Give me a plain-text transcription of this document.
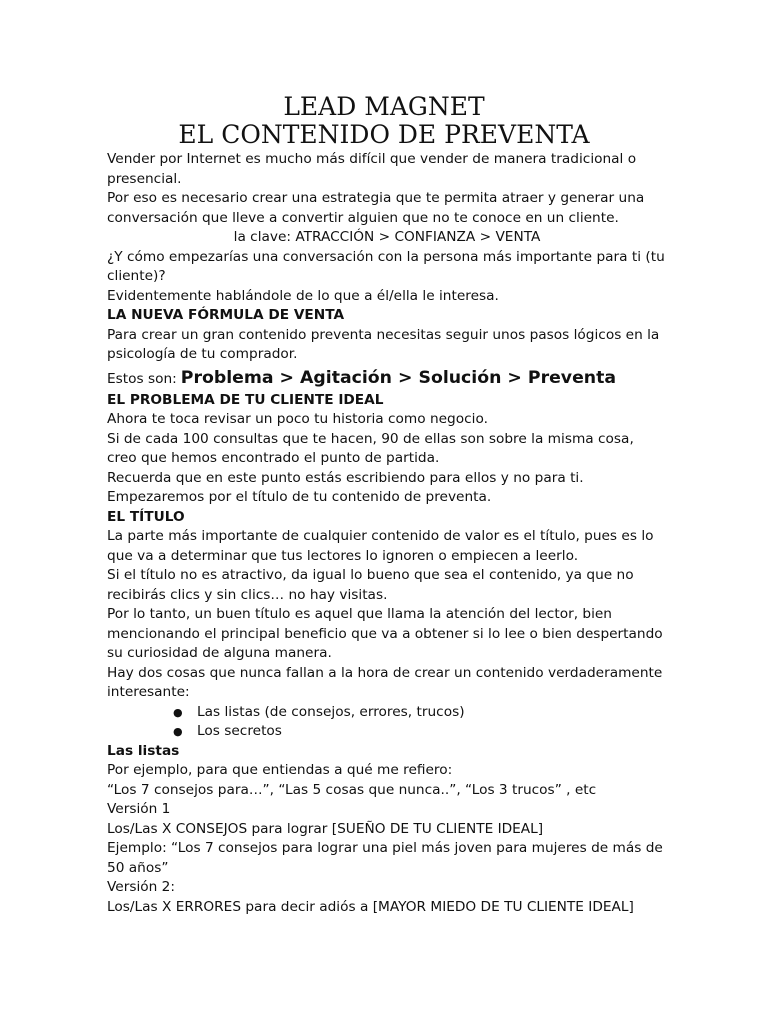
LEAD MAGNET
EL CONTENIDO DE PREVENTA

Vender por Internet es mucho más difícil que vender de manera tradicional o presencial.

Por eso es necesario crear una estrategia que te permita atraer y generar una conversación que lleve a convertir alguien que no te conoce en un cliente.

la clave: ATRACCIÓN > CONFIANZA > VENTA

¿Y cómo empezarías una conversación con la persona más importante para ti (tu cliente)?

Evidentemente hablándole de lo que a él/ella le interesa.

LA NUEVA FÓRMULA DE VENTA

Para crear un gran contenido preventa necesitas seguir unos pasos lógicos en la psicología de tu comprador.

Estos son: Problema > Agitación > Solución > Preventa

EL PROBLEMA DE TU CLIENTE IDEAL

Ahora te toca revisar un poco tu historia como negocio.

Si de cada 100 consultas que te hacen, 90 de ellas son sobre la misma cosa, creo que hemos encontrado el punto de partida.

Recuerda que en este punto estás escribiendo para ellos y no para ti.

Empezaremos por el título de tu contenido de preventa.

EL TÍTULO

La parte más importante de cualquier contenido de valor es el título, pues es lo que va a determinar que tus lectores lo ignoren o empiecen a leerlo.

Si el título no es atractivo, da igual lo bueno que sea el contenido, ya que no recibirás clics y sin clics… no hay visitas.

Por lo tanto, un buen título es aquel que llama la atención del lector, bien mencionando el principal beneficio que va a obtener si lo lee o bien despertando su curiosidad de alguna manera.

Hay dos cosas que nunca fallan a la hora de crear un contenido verdaderamente interesante:

● Las listas (de consejos, errores, trucos)
● Los secretos

Las listas

Por ejemplo, para que entiendas a qué me refiero:

“Los 7 consejos para…”, “Las 5 cosas que nunca..”, “Los 3 trucos” , etc

Versión 1

Los/Las X CONSEJOS para lograr [SUEÑO DE TU CLIENTE IDEAL]

Ejemplo: “Los 7 consejos para lograr una piel más joven para mujeres de más de 50 años”

Versión 2:

Los/Las X ERRORES para decir adiós a [MAYOR MIEDO DE TU CLIENTE IDEAL]
